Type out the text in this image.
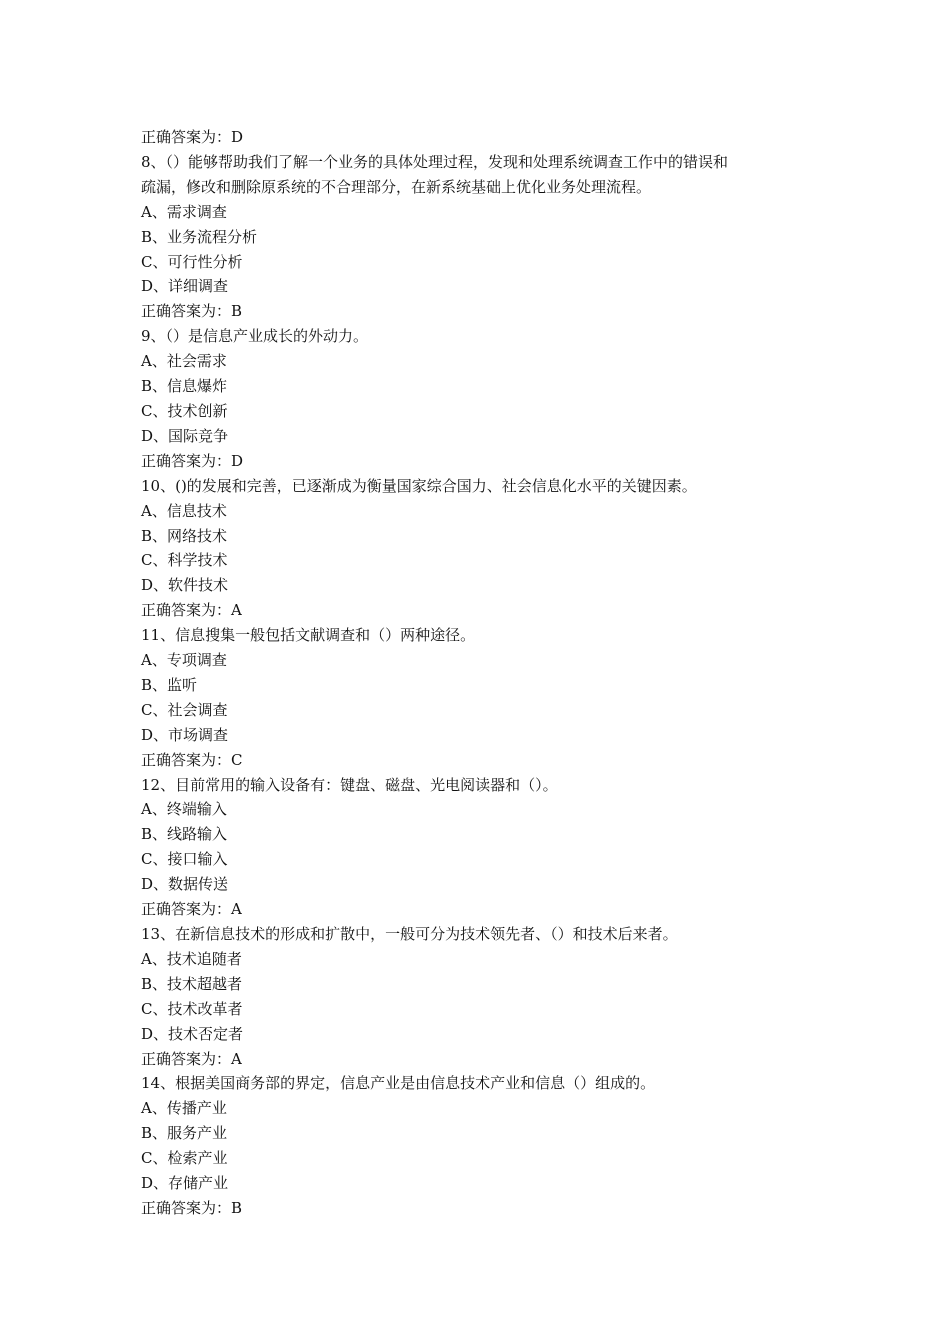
正确答案为：D

8、（）能够帮助我们了解一个业务的具体处理过程，发现和处理系统调查工作中的错误和

疏漏，修改和删除原系统的不合理部分，在新系统基础上优化业务处理流程。

A、需求调查

B、业务流程分析

C、可行性分析

D、详细调查

正确答案为：B

9、（）是信息产业成长的外动力。

A、社会需求

B、信息爆炸

C、技术创新

D、国际竞争

正确答案为：D

10、()的发展和完善，已逐渐成为衡量国家综合国力、社会信息化水平的关键因素。

A、信息技术

B、网络技术

C、科学技术

D、软件技术

正确答案为：A

11、信息搜集一般包括文献调查和（）两种途径。

A、专项调查

B、监听

C、社会调查

D、市场调查

正确答案为：C

12、目前常用的输入设备有：键盘、磁盘、光电阅读器和（）。

A、终端输入

B、线路输入

C、接口输入

D、数据传送

正确答案为：A

13、在新信息技术的形成和扩散中，一般可分为技术领先者、（）和技术后来者。

A、技术追随者

B、技术超越者

C、技术改革者

D、技术否定者

正确答案为：A

14、根据美国商务部的界定，信息产业是由信息技术产业和信息（）组成的。

A、传播产业

B、服务产业

C、检索产业

D、存储产业

正确答案为：B
